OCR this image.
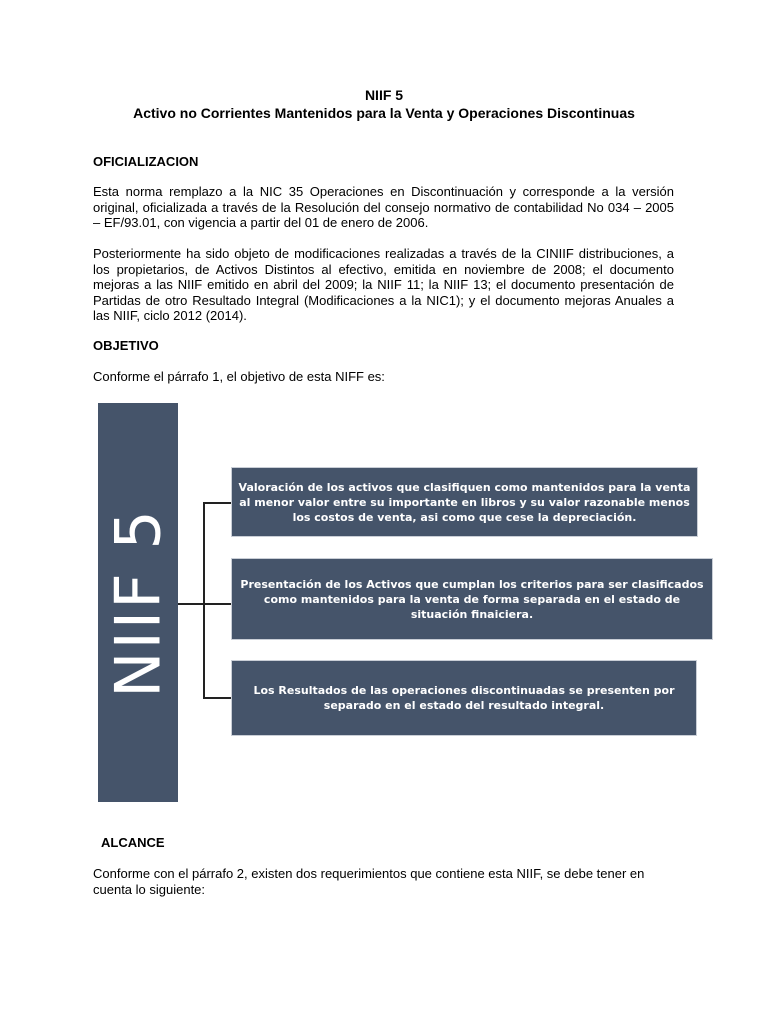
NIIF 5
Activo no Corrientes Mantenidos para la Venta y Operaciones Discontinuas
OFICIALIZACION
Esta norma remplazo a la NIC 35 Operaciones en Discontinuación y corresponde a la versión original, oficializada a través de la Resolución del consejo normativo de contabilidad No 034 – 2005 – EF/93.01, con vigencia a partir del 01 de enero de 2006.
Posteriormente ha sido objeto de modificaciones realizadas a través de la CINIIF distribuciones, a los propietarios, de Activos Distintos al efectivo, emitida en noviembre de 2008; el documento mejoras a las NIIF emitido en abril del 2009; la NIIF 11; la NIIF 13; el documento presentación de Partidas de otro Resultado Integral (Modificaciones a la NIC1); y el documento mejoras Anuales a las NIIF, ciclo 2012 (2014).
OBJETIVO
Conforme el párrafo 1, el objetivo de esta NIFF es:
NIIF 5
Valoración de los activos que clasifiquen como mantenidos para la venta al menor valor entre su importante en libros y su valor razonable menos los costos de venta, asi como que cese la depreciación.
Presentación de los Activos que cumplan los criterios para ser clasificados como mantenidos para la venta de forma separada en el estado de situación finaiciera.
Los Resultados de las operaciones discontinuadas se presenten por separado en el estado del resultado integral.
ALCANCE
Conforme con el párrafo 2, existen dos requerimientos que contiene esta NIIF, se debe tener en cuenta lo siguiente:
